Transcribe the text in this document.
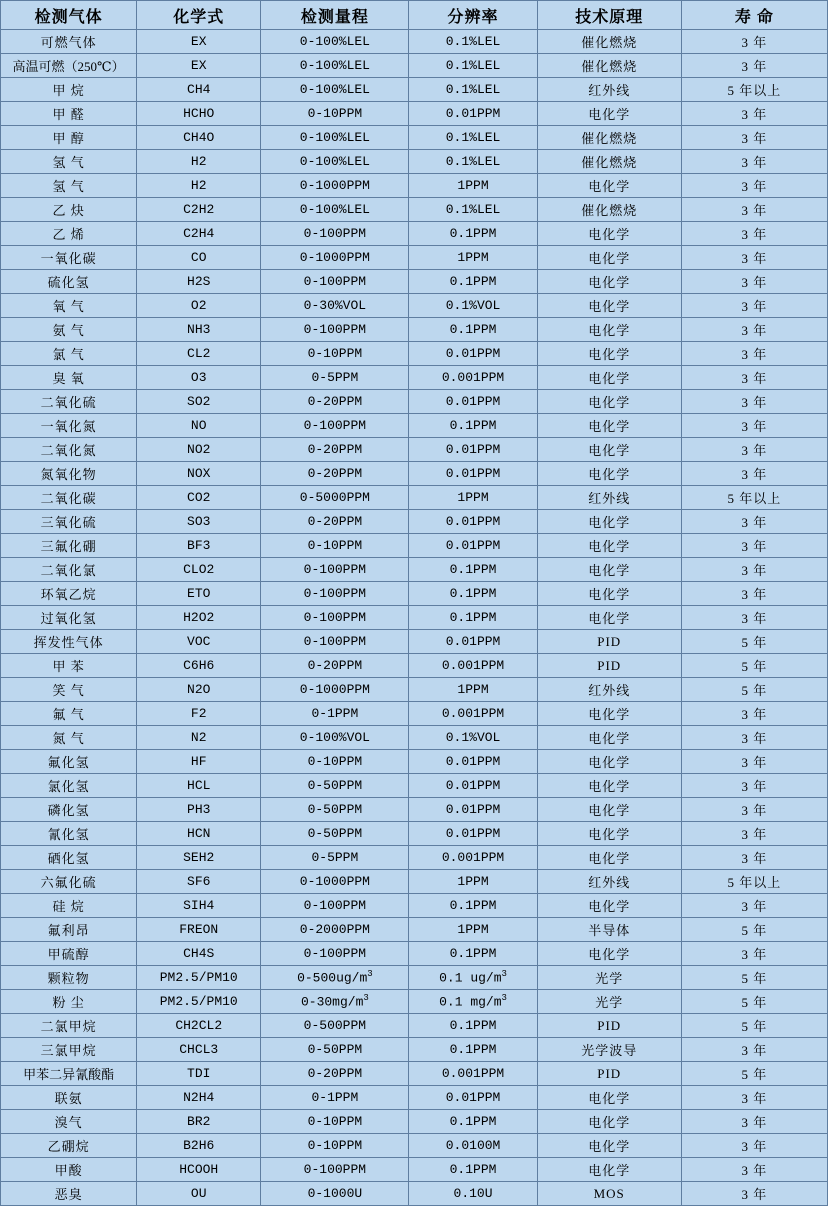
检测气体	化学式	检测量程	分辨率	技术原理	寿 命
可燃气体	EX	0-100%LEL	0.1%LEL	催化燃烧	3 年
高温可燃（250℃）	EX	0-100%LEL	0.1%LEL	催化燃烧	3 年
甲 烷	CH4	0-100%LEL	0.1%LEL	红外线	5 年以上
甲 醛	HCHO	0-10PPM	0.01PPM	电化学	3 年
甲 醇	CH4O	0-100%LEL	0.1%LEL	催化燃烧	3 年
氢 气	H2	0-100%LEL	0.1%LEL	催化燃烧	3 年
氢 气	H2	0-1000PPM	1PPM	电化学	3 年
乙 炔	C2H2	0-100%LEL	0.1%LEL	催化燃烧	3 年
乙 烯	C2H4	0-100PPM	0.1PPM	电化学	3 年
一氧化碳	CO	0-1000PPM	1PPM	电化学	3 年
硫化氢	H2S	0-100PPM	0.1PPM	电化学	3 年
氧 气	O2	0-30%VOL	0.1%VOL	电化学	3 年
氨 气	NH3	0-100PPM	0.1PPM	电化学	3 年
氯 气	CL2	0-10PPM	0.01PPM	电化学	3 年
臭 氧	O3	0-5PPM	0.001PPM	电化学	3 年
二氧化硫	SO2	0-20PPM	0.01PPM	电化学	3 年
一氧化氮	NO	0-100PPM	0.1PPM	电化学	3 年
二氧化氮	NO2	0-20PPM	0.01PPM	电化学	3 年
氮氧化物	NOX	0-20PPM	0.01PPM	电化学	3 年
二氧化碳	CO2	0-5000PPM	1PPM	红外线	5 年以上
三氧化硫	SO3	0-20PPM	0.01PPM	电化学	3 年
三氟化硼	BF3	0-10PPM	0.01PPM	电化学	3 年
二氧化氯	CLO2	0-100PPM	0.1PPM	电化学	3 年
环氧乙烷	ETO	0-100PPM	0.1PPM	电化学	3 年
过氧化氢	H2O2	0-100PPM	0.1PPM	电化学	3 年
挥发性气体	VOC	0-100PPM	0.01PPM	PID	5 年
甲 苯	C6H6	0-20PPM	0.001PPM	PID	5 年
笑 气	N2O	0-1000PPM	1PPM	红外线	5 年
氟 气	F2	0-1PPM	0.001PPM	电化学	3 年
氮 气	N2	0-100%VOL	0.1%VOL	电化学	3 年
氟化氢	HF	0-10PPM	0.01PPM	电化学	3 年
氯化氢	HCL	0-50PPM	0.01PPM	电化学	3 年
磷化氢	PH3	0-50PPM	0.01PPM	电化学	3 年
氰化氢	HCN	0-50PPM	0.01PPM	电化学	3 年
硒化氢	SEH2	0-5PPM	0.001PPM	电化学	3 年
六氟化硫	SF6	0-1000PPM	1PPM	红外线	5 年以上
硅 烷	SIH4	0-100PPM	0.1PPM	电化学	3 年
氟利昂	FREON	0-2000PPM	1PPM	半导体	5 年
甲硫醇	CH4S	0-100PPM	0.1PPM	电化学	3 年
颗粒物	PM2.5/PM10	$0-500ug/m^3$	0.1 $ug/m^3$	光学	5 年
粉 尘	PM2.5/PM10	$0-30mg/m^3$	0.1 $mg/m^3$	光学	5 年
二氯甲烷	CH2CL2	0-500PPM	0.1PPM	PID	5 年
三氯甲烷	CHCL3	0-50PPM	0.1PPM	光学波导	3 年
甲苯二异氰酸酯	TDI	0-20PPM	0.001PPM	PID	5 年
联氨	N2H4	0-1PPM	0.01PPM	电化学	3 年
溴气	BR2	0-10PPM	0.1PPM	电化学	3 年
乙硼烷	B2H6	0-10PPM	0.0100M	电化学	3 年
甲酸	HCOOH	0-100PPM	0.1PPM	电化学	3 年
恶臭	OU	0-1000U	0.10U	MOS	3 年
